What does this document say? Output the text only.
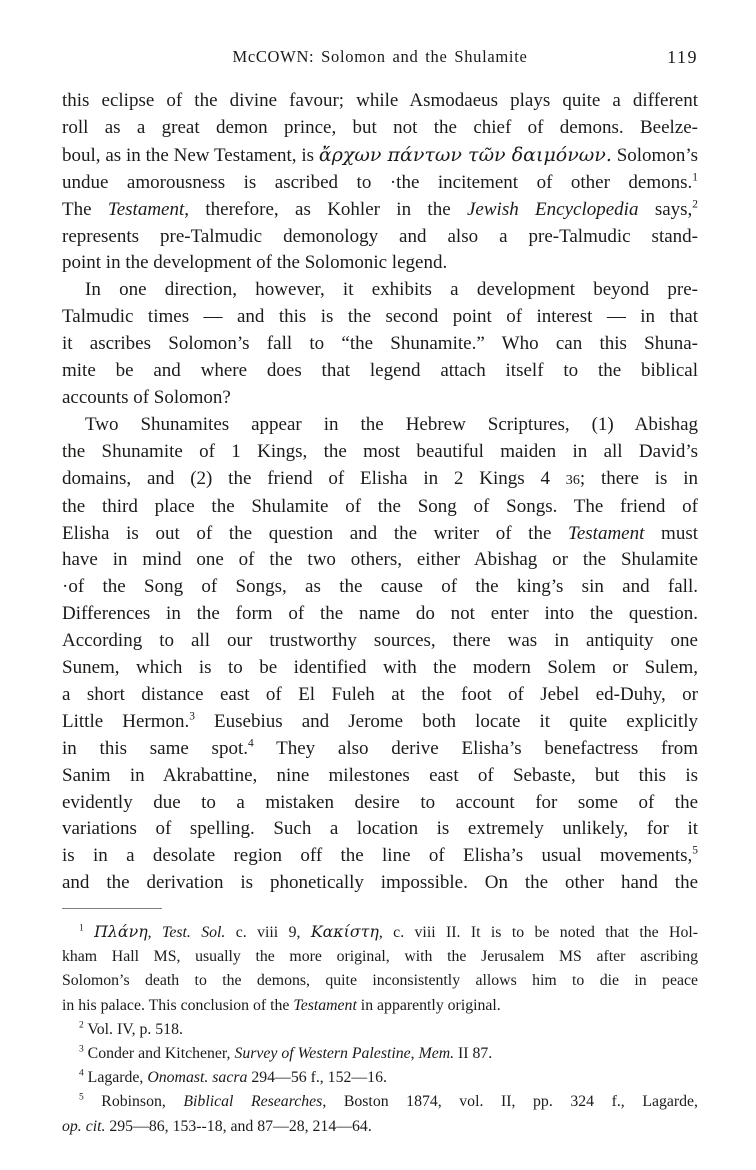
McCOWN: Solomon and the Shulamite	119
this eclipse of the divine favour; while Asmodaeus plays quite a different
roll as a great demon prince, but not the chief of demons. Beelze-
boul, as in the New Testament, is ἄρχων πάντων τῶν δαιμόνων. Solomon’s
undue amorousness is ascribed to ·the incitement of other demons.$^1$
The Testament, therefore, as Kohler in the Jewish Encyclopedia says,$^2$
represents pre-Talmudic demonology and also a pre-Talmudic stand-
point in the development of the Solomonic legend.
In one direction, however, it exhibits a development beyond pre-
Talmudic times — and this is the second point of interest — in that
it ascribes Solomon’s fall to “the Shunamite.” Who can this Shuna-
mite be and where does that legend attach itself to the biblical
accounts of Solomon?
Two Shunamites appear in the Hebrew Scriptures, (1) Abishag
the Shunamite of 1 Kings, the most beautiful maiden in all David’s
domains, and (2) the friend of Elisha in 2 Kings 4 36; there is in
the third place the Shulamite of the Song of Songs. The friend of
Elisha is out of the question and the writer of the Testament must
have in mind one of the two others, either Abishag or the Shulamite
·of the Song of Songs, as the cause of the king’s sin and fall.
Differences in the form of the name do not enter into the question.
According to all our trustworthy sources, there was in antiquity one
Sunem, which is to be identified with the modern Solem or Sulem,
a short distance east of El Fuleh at the foot of Jebel ed-Duhy, or
Little Hermon.$^3$ Eusebius and Jerome both locate it quite explicitly
in this same spot.$^4$ They also derive Elisha’s benefactress from
Sanim in Akrabattine, nine milestones east of Sebaste, but this is
evidently due to a mistaken desire to account for some of the
variations of spelling. Such a location is extremely unlikely, for it
is in a desolate region off the line of Elisha’s usual movements,$^5$
and the derivation is phonetically impossible. On the other hand the
$^1$ Πλάνη, Test. Sol. c. viii 9, Κακίστη, c. viii II. It is to be noted that the Hol-
kham Hall MS, usually the more original, with the Jerusalem MS after ascribing
Solomon’s death to the demons, quite inconsistently allows him to die in peace
in his palace. This conclusion of the Testament in apparently original.
$^2$ Vol. IV, p. 518.
$^3$ Conder and Kitchener, Survey of Western Palestine, Mem. II 87.
$^4$ Lagarde, Onomast. sacra 294—56 f., 152—16.
$^5$ Robinson, Biblical Researches, Boston 1874, vol. II, pp. 324 f., Lagarde,
op. cit. 295—86, 153--18, and 87—28, 214—64.
